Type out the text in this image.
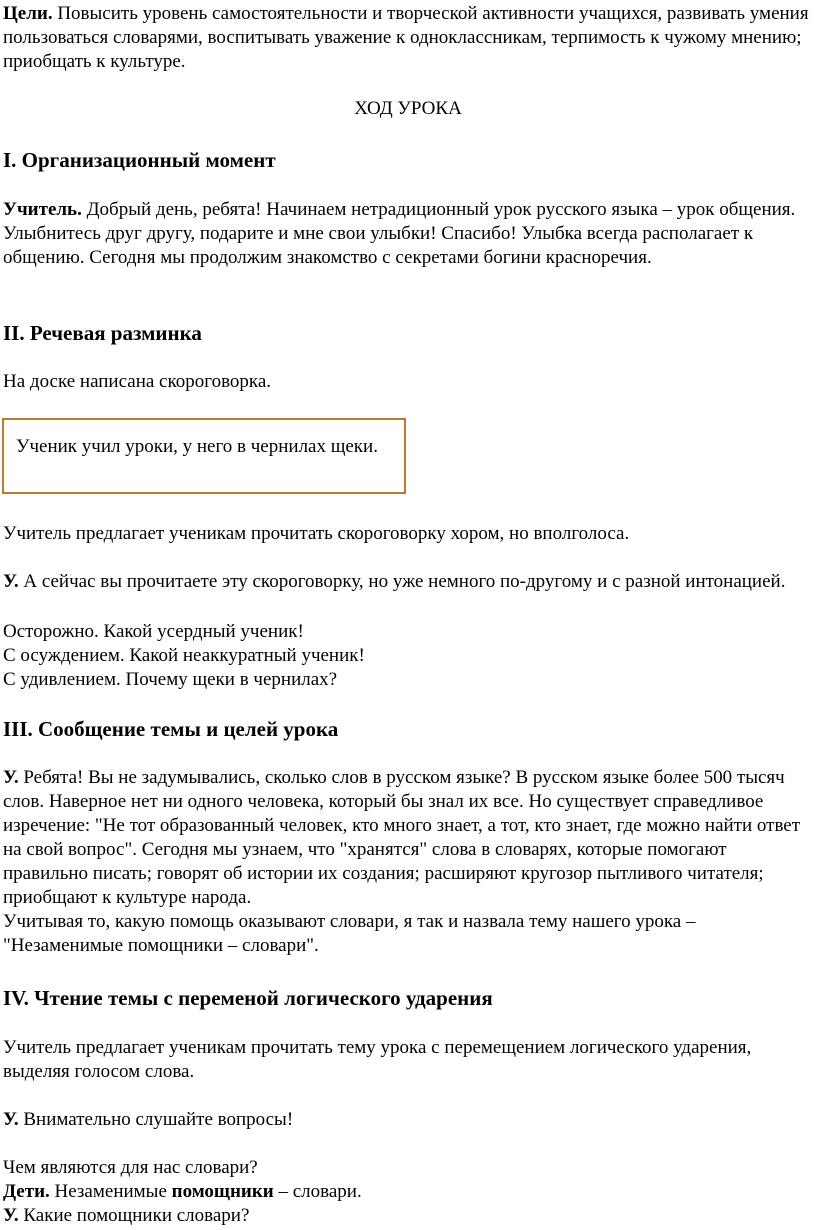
Цели. Повысить уровень самостоятельности и творческой активности учащихся, развивать умения пользоваться словарями, воспитывать уважение к одноклассникам, терпимость к чужому мнению; приобщать к культуре.

ХОД УРОКА

I. Организационный момент

Учитель. Добрый день, ребята! Начинаем нетрадиционный урок русского языка – урок общения. Улыбнитесь друг другу, подарите и мне свои улыбки! Спасибо! Улыбка всегда располагает к общению. Сегодня мы продолжим знакомство с секретами богини красноречия.

II. Речевая разминка

На доске написана скороговорка.

Ученик учил уроки, у него в чернилах щеки.

Учитель предлагает ученикам прочитать скороговорку хором, но вполголоса.

У. А сейчас вы прочитаете эту скороговорку, но уже немного по-другому и с разной интонацией.

Осторожно. Какой усердный ученик!

С осуждением. Какой неаккуратный ученик!

С удивлением. Почему щеки в чернилах?

III. Сообщение темы и целей урока

У. Ребята! Вы не задумывались, сколько слов в русском языке? В русском языке более 500 тысяч слов. Наверное нет ни одного человека, который бы знал их все. Но существует справедливое изречение: "Не тот образованный человек, кто много знает, а тот, кто знает, где можно найти ответ на свой вопрос". Сегодня мы узнаем, что "хранятся" слова в словарях, которые помогают правильно писать; говорят об истории их создания; расширяют кругозор пытливого читателя; приобщают к культуре народа.

Учитывая то, какую помощь оказывают словари, я так и назвала тему нашего урока – "Незаменимые помощники – словари".

IV. Чтение темы с переменой логического ударения

Учитель предлагает ученикам прочитать тему урока с перемещением логического ударения, выделяя голосом слова.

У. Внимательно слушайте вопросы!

Чем являются для нас словари?

Дети. Незаменимые помощники – словари.

У. Какие помощники словари?
